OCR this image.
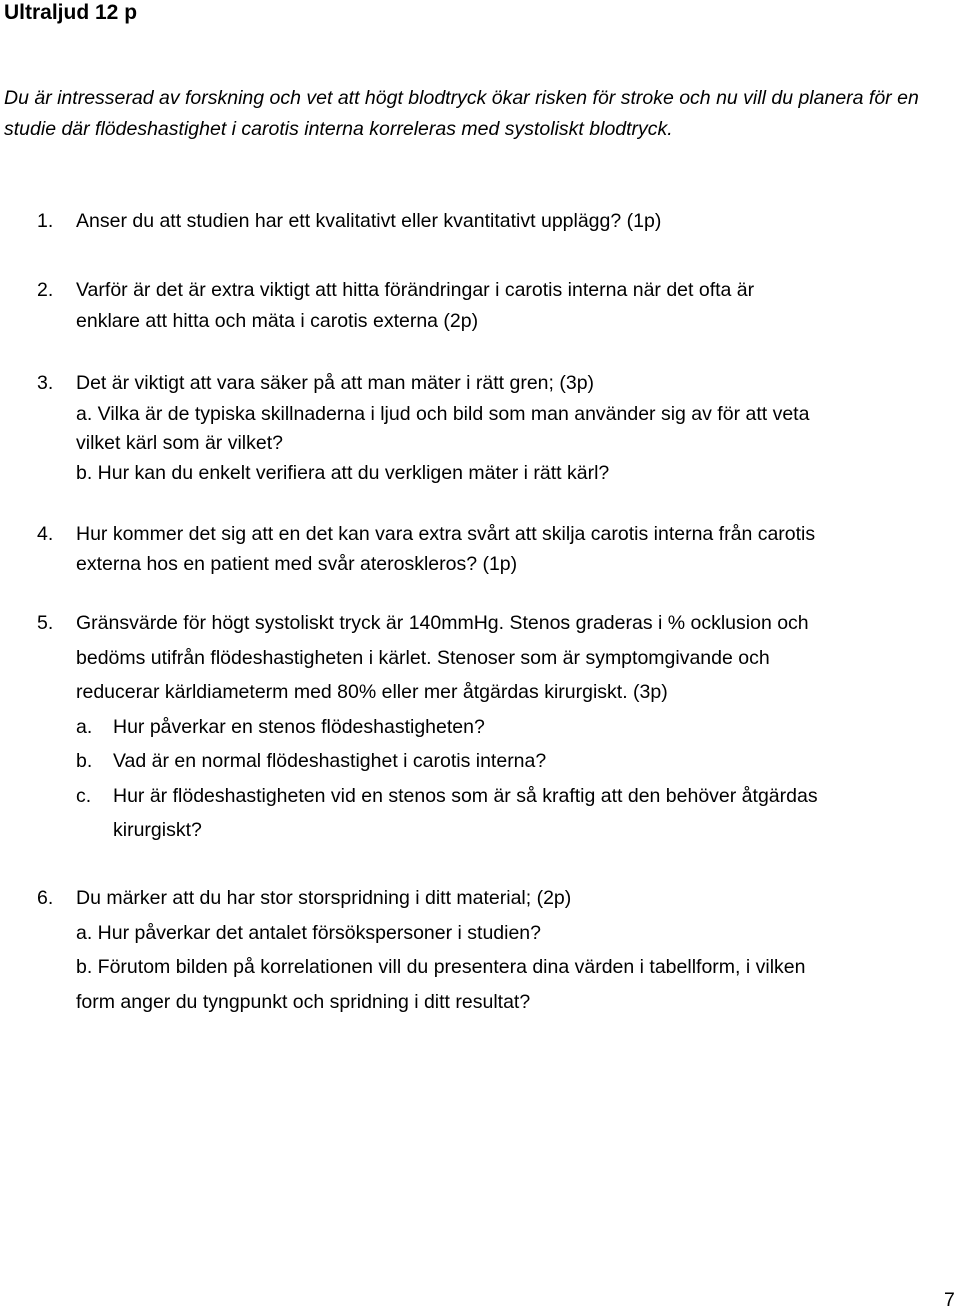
Ultraljud 12 p
Du är intresserad av forskning och vet att högt blodtryck ökar risken för stroke och nu vill du planera för en studie där flödeshastighet i carotis interna korreleras med systoliskt blodtryck.
1. Anser du att studien har ett kvalitativt eller kvantitativt upplägg? (1p)
2. Varför är det är extra viktigt att hitta förändringar i carotis interna när det ofta är
enklare att hitta och mäta i carotis externa (2p)
3. Det är viktigt att vara säker på att man mäter i rätt gren; (3p)
a. Vilka är de typiska skillnaderna i ljud och bild som man använder sig av för att veta
vilket kärl som är vilket?
b. Hur kan du enkelt verifiera att du verkligen mäter i rätt kärl?
4. Hur kommer det sig att en det kan vara extra svårt att skilja carotis interna från carotis
externa hos en patient med svår ateroskleros? (1p)
5. Gränsvärde för högt systoliskt tryck är 140mmHg. Stenos graderas i % ocklusion och
bedöms utifrån flödeshastigheten i kärlet. Stenoser som är symptomgivande och
reducerar kärldiameterm med 80% eller mer åtgärdas kirurgiskt. (3p)
a. Hur påverkar en stenos flödeshastigheten?
b. Vad är en normal flödeshastighet i carotis interna?
c. Hur är flödeshastigheten vid en stenos som är så kraftig att den behöver åtgärdas
kirurgiskt?
6. Du märker att du har stor storspridning i ditt material; (2p)
a. Hur påverkar det antalet försökspersoner i studien?
b. Förutom bilden på korrelationen vill du presentera dina värden i tabellform, i vilken
form anger du tyngpunkt och spridning i ditt resultat?
7
